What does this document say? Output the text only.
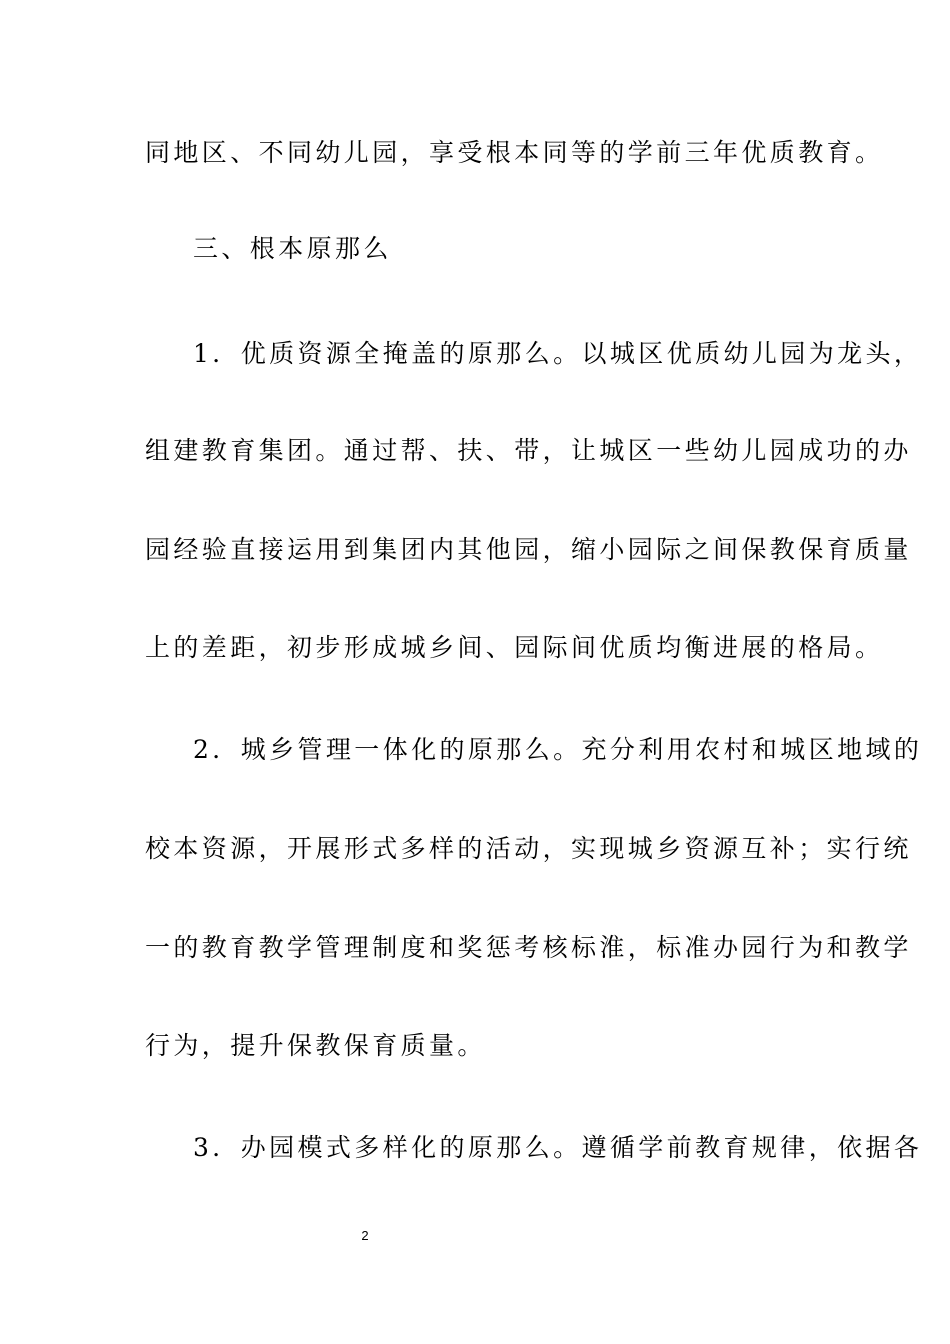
同地区、不同幼儿园，享受根本同等的学前三年优质教育。
三、根本原那么
1．优质资源全掩盖的原那么。以城区优质幼儿园为龙头，
组建教育集团。通过帮、扶、带，让城区一些幼儿园成功的办
园经验直接运用到集团内其他园，缩小园际之间保教保育质量
上的差距，初步形成城乡间、园际间优质均衡进展的格局。
2．城乡管理一体化的原那么。充分利用农村和城区地域的
校本资源，开展形式多样的活动，实现城乡资源互补；实行统
一的教育教学管理制度和奖惩考核标淮，标准办园行为和教学
行为，提升保教保育质量。
3．办园模式多样化的原那么。遵循学前教育规律，依据各
2
